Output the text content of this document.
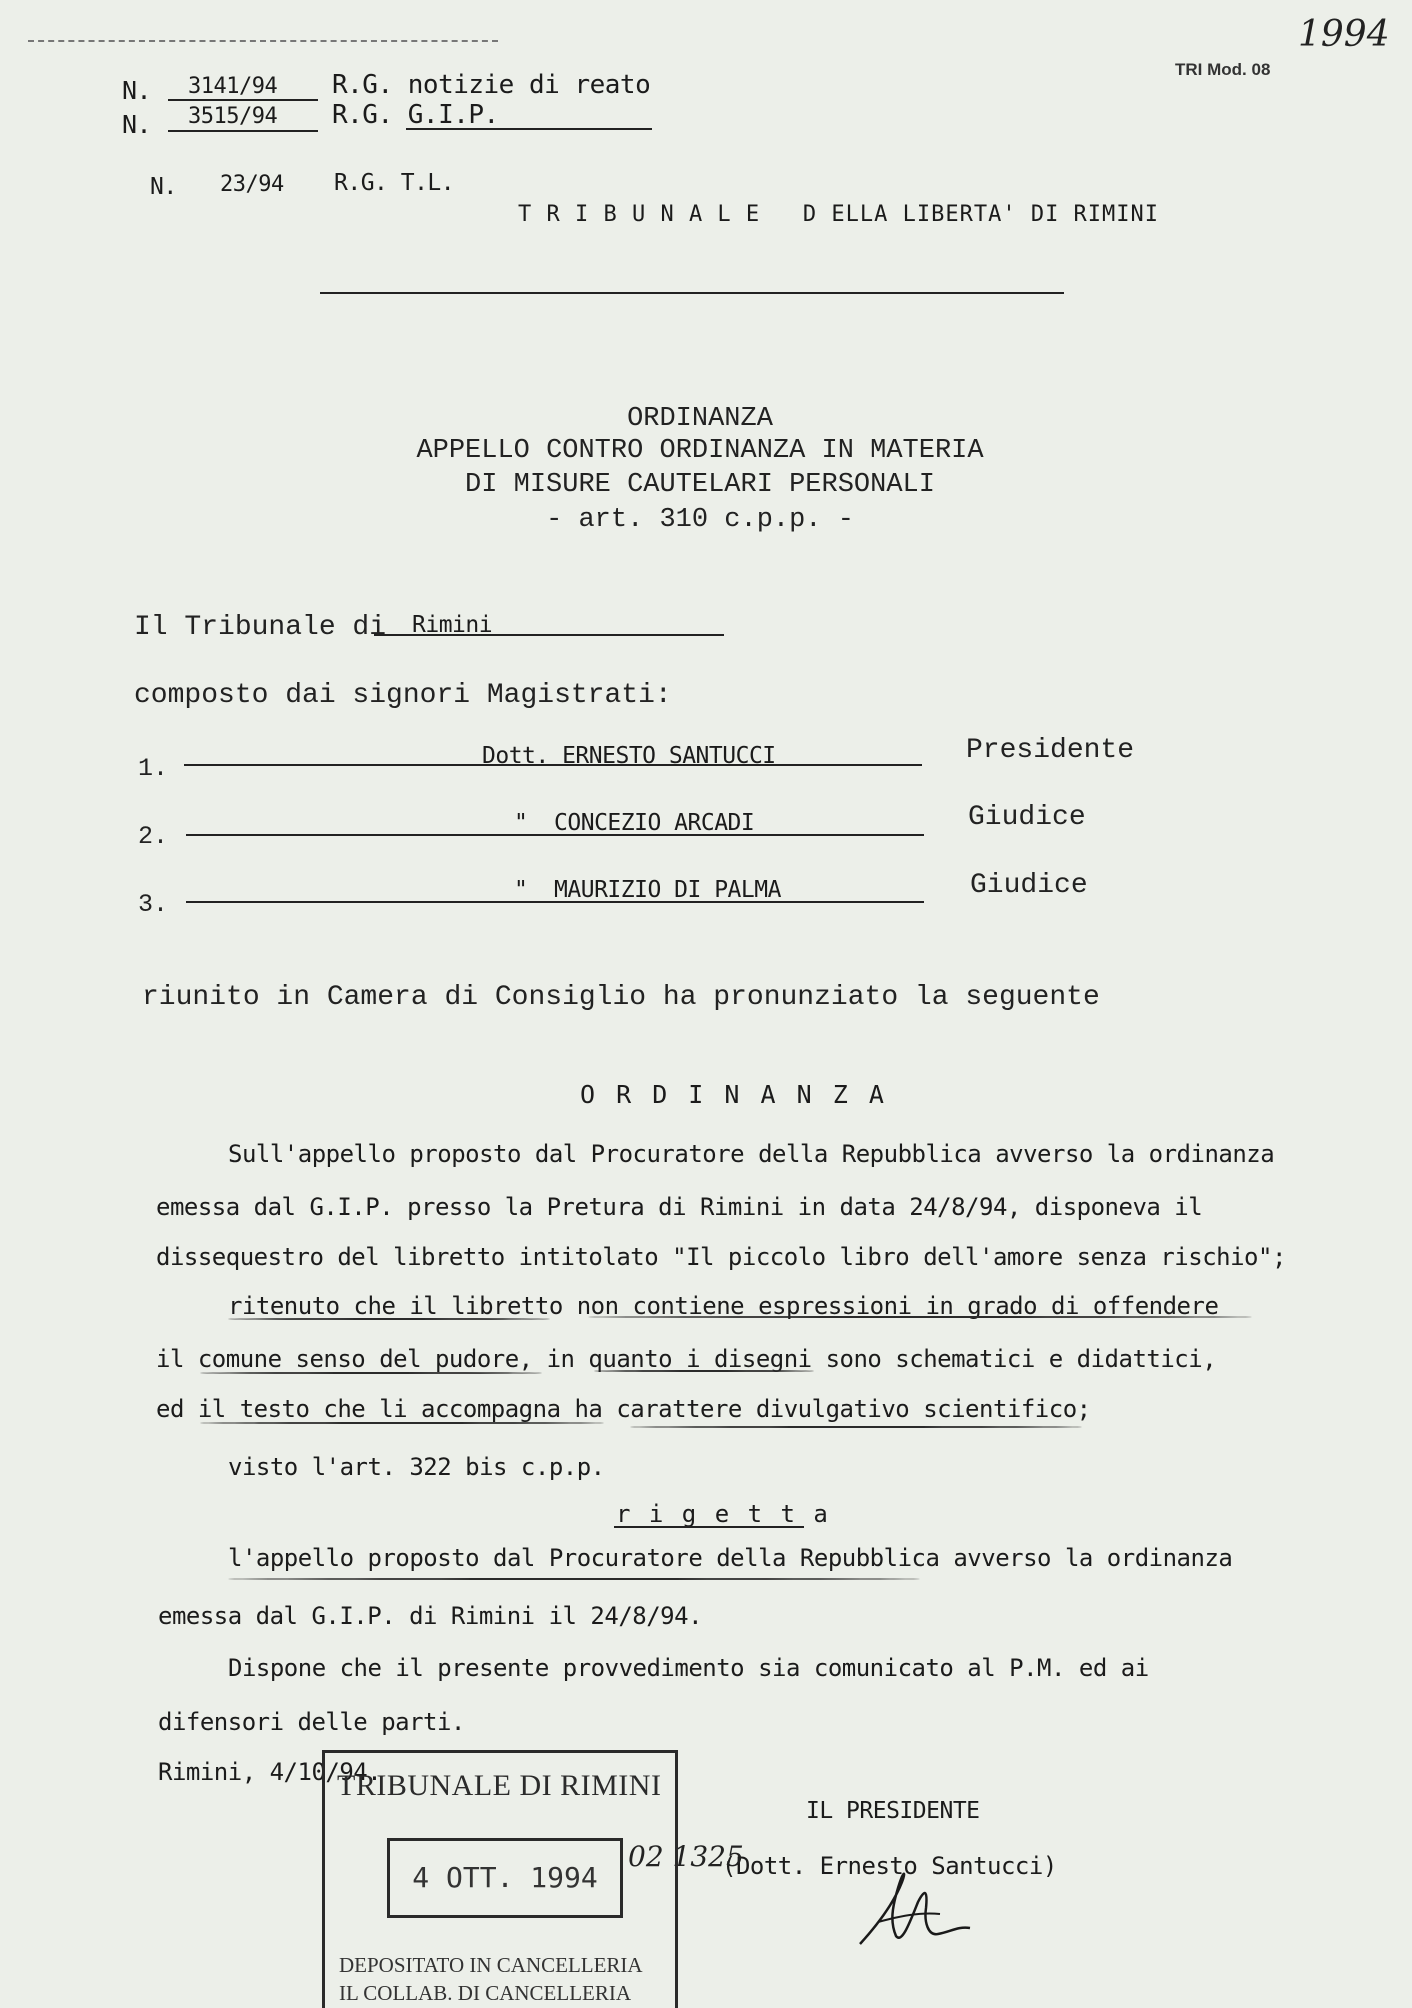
1994
TRI Mod. 08
N. 3141/94 R.G. notizie di reato
N. 3515/94 R.G. G.I.P.
N. 23/94 R.G. T.L.
T R I B U N A L E   D ELLA LIBERTA' DI RIMINI
ORDINANZA
APPELLO CONTRO ORDINANZA IN MATERIA
DI MISURE CAUTELARI PERSONALI
- art. 310 c.p.p. -
Il Tribunale di Rimini
composto dai signori Magistrati:
1.	Dott. ERNESTO SANTUCCI	Presidente
2.	"  CONCEZIO ARCADI	Giudice
3.	"  MAURIZIO DI PALMA	Giudice
riunito in Camera di Consiglio ha pronunziato la seguente
O R D I N A N Z A
Sull'appello proposto dal Procuratore della Repubblica avverso la ordinanza
emessa dal G.I.P. presso la Pretura di Rimini in data 24/8/94, disponeva il
dissequestro del libretto intitolato "Il piccolo libro dell'amore senza rischio";
ritenuto che il libretto non contiene espressioni in grado di offendere
il comune senso del pudore, in quanto i disegni sono schematici e didattici,
ed il testo che li accompagna ha carattere divulgativo scientifico;
visto l'art. 322 bis c.p.p.
r i g e t t a
l'appello proposto dal Procuratore della Repubblica avverso la ordinanza
emessa dal G.I.P. di Rimini il 24/8/94.
Dispone che il presente provvedimento sia comunicato al P.M. ed ai
difensori delle parti.
Rimini, 4/10/94.
IL PRESIDENTE
(Dott. Ernesto Santucci)
02 1325
TRIBUNALE DI RIMINI
4 OTT. 1994
DEPOSITATO IN CANCELLERIA
IL COLLAB. DI CANCELLERIA
